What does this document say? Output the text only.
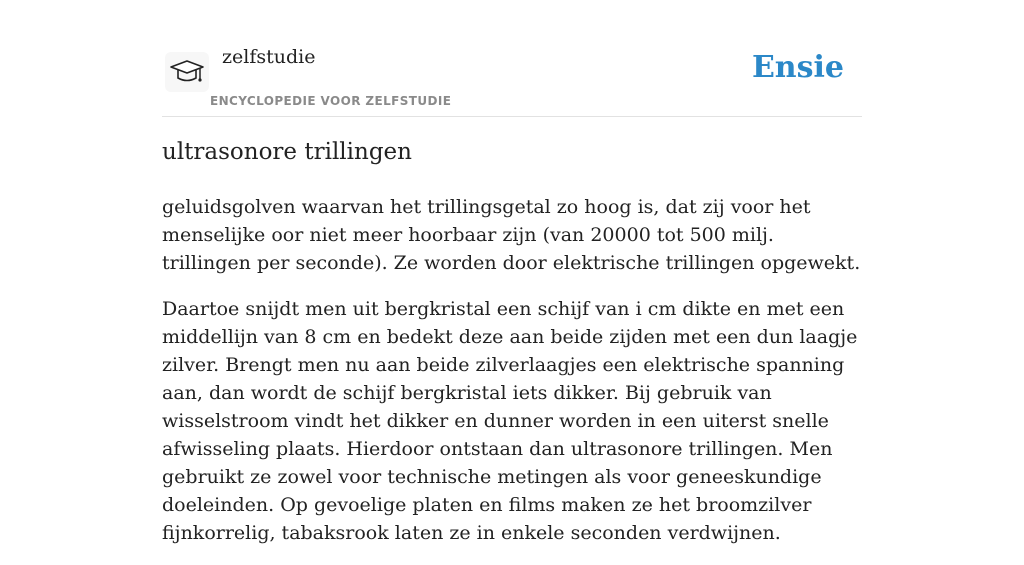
zelfstudie
ENCYCLOPEDIE VOOR ZELFSTUDIE
Ensie
ultrasonore trillingen

geluidsgolven waarvan het trillingsgetal zo hoog is, dat zij voor het menselijke oor niet meer hoorbaar zijn (van 20000 tot 500 milj. trillingen per seconde). Ze worden door elektrische trillingen opgewekt.

Daartoe snijdt men uit bergkristal een schijf van i cm dikte en met een middellijn van 8 cm en bedekt deze aan beide zijden met een dun laagje zilver. Brengt men nu aan beide zilverlaagjes een elektrische spanning aan, dan wordt de schijf bergkristal iets dikker. Bij gebruik van wisselstroom vindt het dikker en dunner worden in een uiterst snelle afwisseling plaats. Hierdoor ontstaan dan ultrasonore trillingen. Men gebruikt ze zowel voor technische metingen als voor geneeskundige doeleinden. Op gevoelige platen en films maken ze het broomzilver fijnkorrelig, tabaksrook laten ze in enkele seconden verdwijnen.
